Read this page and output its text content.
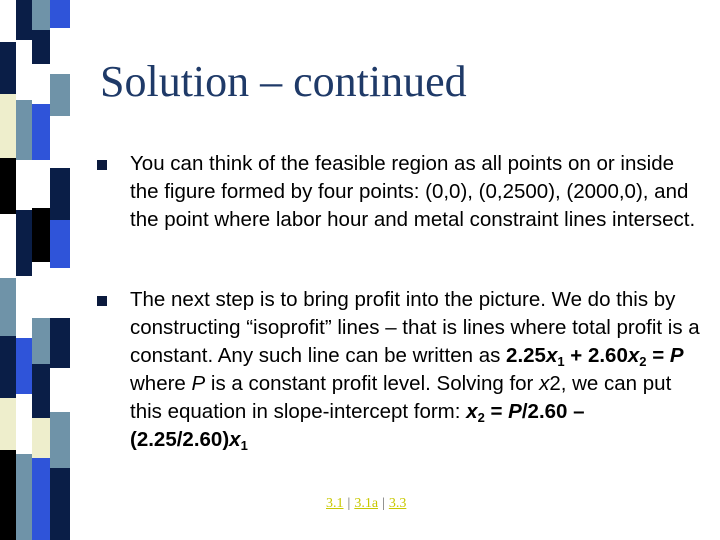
Solution – continued
You can think of the feasible region as all points on or inside the figure formed by four points: (0,0), (0,2500), (2000,0), and the point where labor hour and metal constraint lines intersect.
The next step is to bring profit into the picture. We do this by constructing “isoprofit” lines – that is lines where total profit is a constant. Any such line can be written as $2.25x_1 + 2.60x_2 = P$ where P is a constant profit level. Solving for x2, we can put this equation in slope-intercept form: $x_2 = P/2.60 - (2.25/2.60)x_1$
3.1 | 3.1a | 3.3
